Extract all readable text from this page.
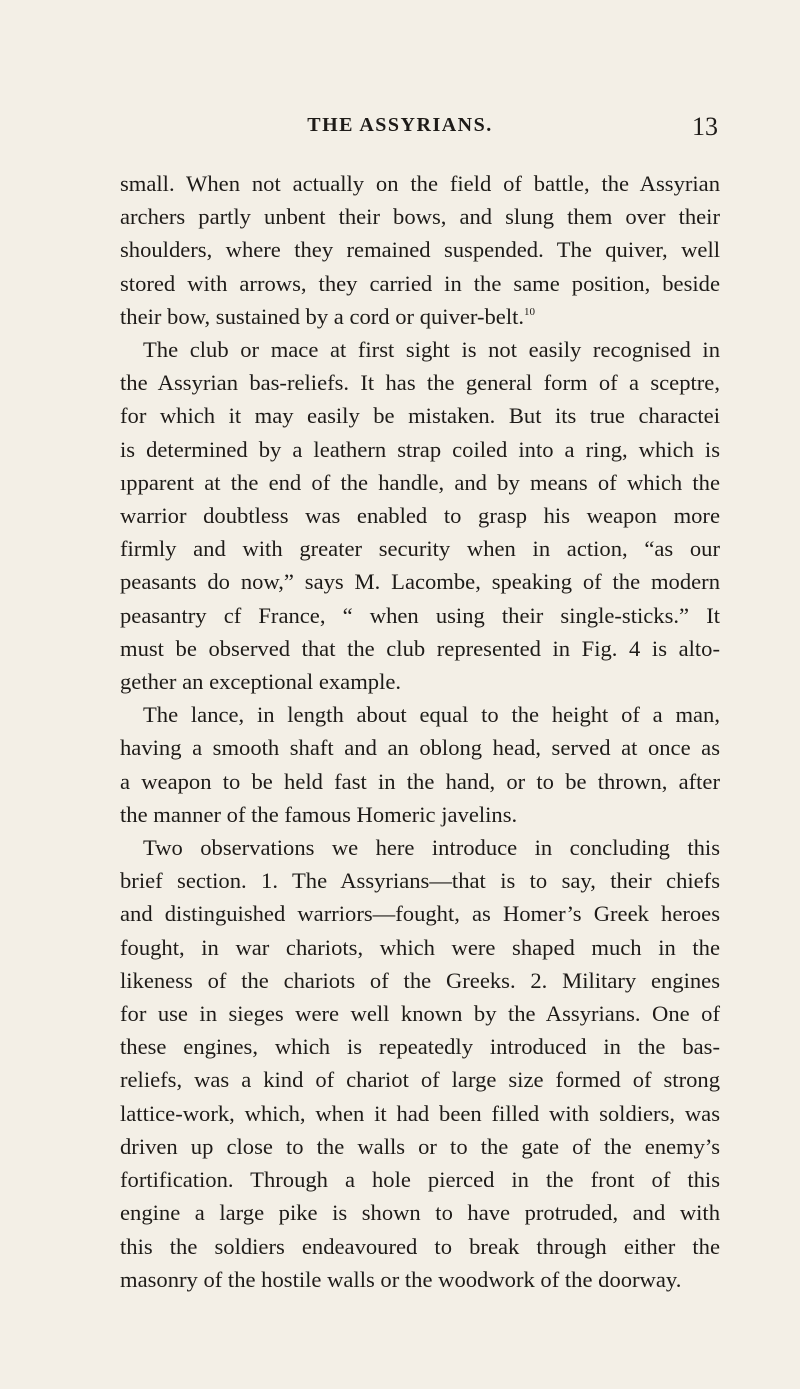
THE ASSYRIANS.	13
small. When not actually on the field of battle, the Assyrian
archers partly unbent their bows, and slung them over their
shoulders, where they remained suspended. The quiver, well
stored with arrows, they carried in the same position, beside
their bow, sustained by a cord or quiver-belt.$^{10}$
The club or mace at first sight is not easily recognised in
the Assyrian bas-reliefs. It has the general form of a sceptre,
for which it may easily be mistaken. But its true charactei
is determined by a leathern strap coiled into a ring, which is
ıpparent at the end of the handle, and by means of which the
warrior doubtless was enabled to grasp his weapon more
firmly and with greater security when in action, “as our
peasants do now,” says M. Lacombe, speaking of the modern
peasantry cf France, “ when using their single-sticks.” It
must be observed that the club represented in Fig. 4 is alto-
gether an exceptional example.
The lance, in length about equal to the height of a man,
having a smooth shaft and an oblong head, served at once as
a weapon to be held fast in the hand, or to be thrown, after
the manner of the famous Homeric javelins.
Two observations we here introduce in concluding this
brief section. 1. The Assyrians—that is to say, their chiefs
and distinguished warriors—fought, as Homer’s Greek heroes
fought, in war chariots, which were shaped much in the
likeness of the chariots of the Greeks. 2. Military engines
for use in sieges were well known by the Assyrians. One of
these engines, which is repeatedly introduced in the bas-
reliefs, was a kind of chariot of large size formed of strong
lattice-work, which, when it had been filled with soldiers, was
driven up close to the walls or to the gate of the enemy’s
fortification. Through a hole pierced in the front of this
engine a large pike is shown to have protruded, and with
this the soldiers endeavoured to break through either the
masonry of the hostile walls or the woodwork of the doorway.
